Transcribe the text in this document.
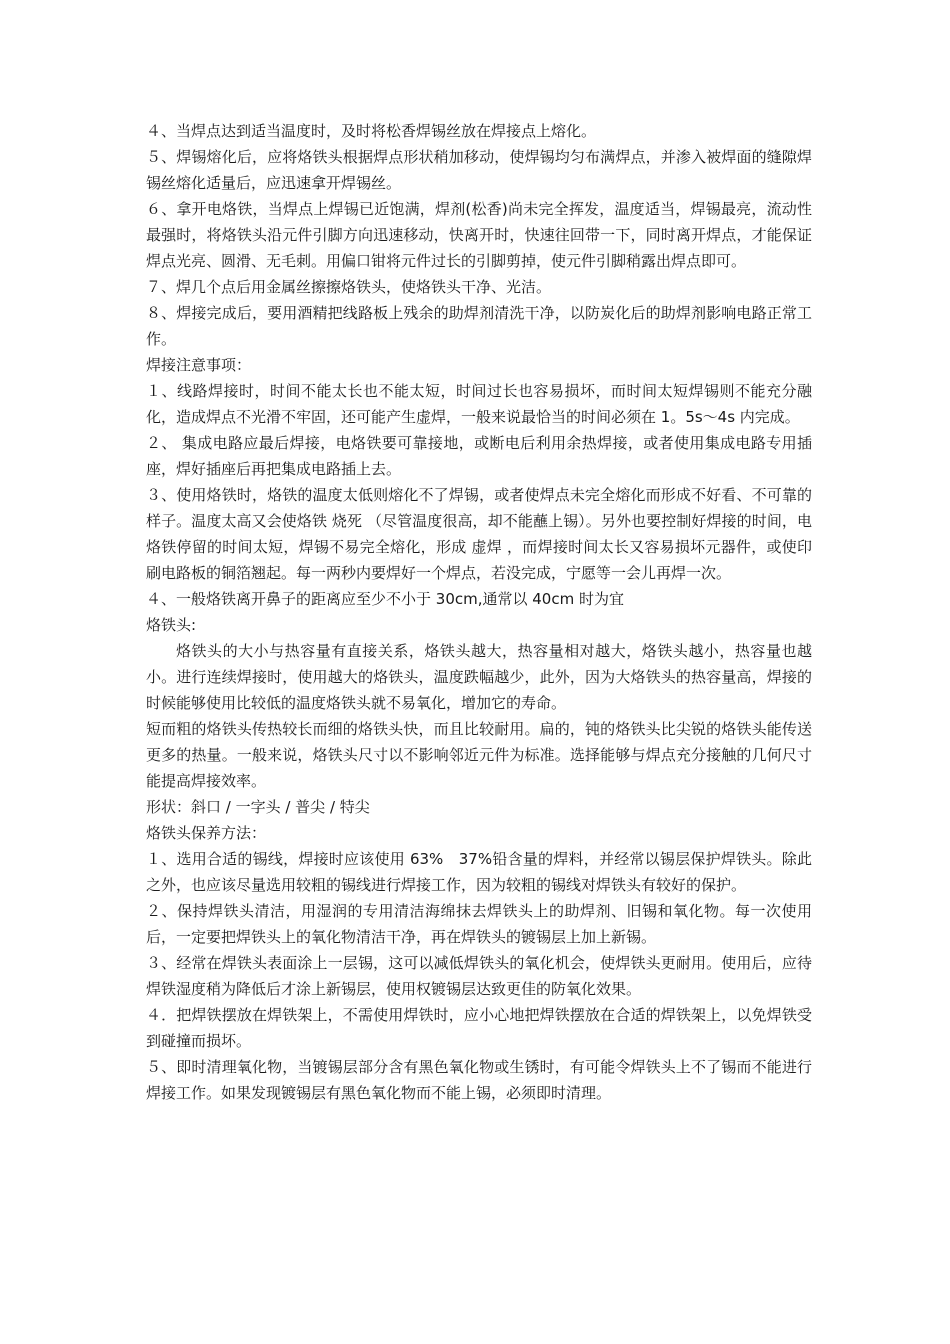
４、当焊点达到适当温度时，及时将松香焊锡丝放在焊接点上熔化。

５、焊锡熔化后，应将烙铁头根据焊点形状稍加移动，使焊锡均匀布满焊点，并渗入被焊面的缝隙焊锡丝熔化适量后，应迅速拿开焊锡丝。

６、拿开电烙铁，当焊点上焊锡已近饱满，焊剂(松香)尚未完全挥发，温度适当，焊锡最亮，流动性最强时，将烙铁头沿元件引脚方向迅速移动，快离开时，快速往回带一下，同时离开焊点，才能保证焊点光亮、圆滑、无毛刺。用偏口钳将元件过长的引脚剪掉，使元件引脚稍露出焊点即可。

７、焊几个点后用金属丝擦擦烙铁头，使烙铁头干净、光洁。

８、焊接完成后，要用酒精把线路板上残余的助焊剂清洗干净，以防炭化后的助焊剂影响电路正常工作。

焊接注意事项：

１、线路焊接时，时间不能太长也不能太短，时间过长也容易损坏，而时间太短焊锡则不能充分融化，造成焊点不光滑不牢固，还可能产生虚焊，一般来说最恰当的时间必须在 1。5s～4s 内完成。

２、 集成电路应最后焊接，电烙铁要可靠接地，或断电后利用余热焊接，或者使用集成电路专用插座，焊好插座后再把集成电路插上去。

３、使用烙铁时，烙铁的温度太低则熔化不了焊锡，或者使焊点未完全熔化而形成不好看、不可靠的样子。温度太高又会使烙铁 烧死 （尽管温度很高，却不能蘸上锡）。另外也要控制好焊接的时间，电烙铁停留的时间太短，焊锡不易完全熔化，形成 虚焊 ，而焊接时间太长又容易损坏元器件，或使印刷电路板的铜箔翘起。每一两秒内要焊好一个焊点，若没完成，宁愿等一会儿再焊一次。

４、一般烙铁离开鼻子的距离应至少不小于 30cm,通常以 40cm 时为宜

烙铁头:

烙铁头的大小与热容量有直接关系，烙铁头越大，热容量相对越大，烙铁头越小，热容量也越小。进行连续焊接时，使用越大的烙铁头，温度跌幅越少，此外，因为大烙铁头的热容量高，焊接的时候能够使用比较低的温度烙铁头就不易氧化，增加它的寿命。

短而粗的烙铁头传热较长而细的烙铁头快，而且比较耐用。扁的，钝的烙铁头比尖锐的烙铁头能传送更多的热量。一般来说，烙铁头尺寸以不影响邻近元件为标准。选择能够与焊点充分接触的几何尺寸能提高焊接效率。

形状：斜口 / 一字头 / 普尖 / 特尖

烙铁头保养方法：

１、选用合适的锡线，焊接时应该使用 63%　37%铅含量的焊料，并经常以锡层保护焊铁头。除此之外，也应该尽量选用较粗的锡线进行焊接工作，因为较粗的锡线对焊铁头有较好的保护。

２、保持焊铁头清洁，用湿润的专用清洁海绵抹去焊铁头上的助焊剂、旧锡和氧化物。每一次使用后，一定要把焊铁头上的氧化物清洁干净，再在焊铁头的镀锡层上加上新锡。

３、经常在焊铁头表面涂上一层锡，这可以减低焊铁头的氧化机会，使焊铁头更耐用。使用后，应待焊铁湿度稍为降低后才涂上新锡层，使用权镀锡层达致更佳的防氧化效果。

４．把焊铁摆放在焊铁架上，不需使用焊铁时，应小心地把焊铁摆放在合适的焊铁架上，以免焊铁受到碰撞而损坏。

５、即时清理氧化物，当镀锡层部分含有黑色氧化物或生锈时，有可能令焊铁头上不了锡而不能进行焊接工作。如果发现镀锡层有黑色氧化物而不能上锡，必须即时清理。
